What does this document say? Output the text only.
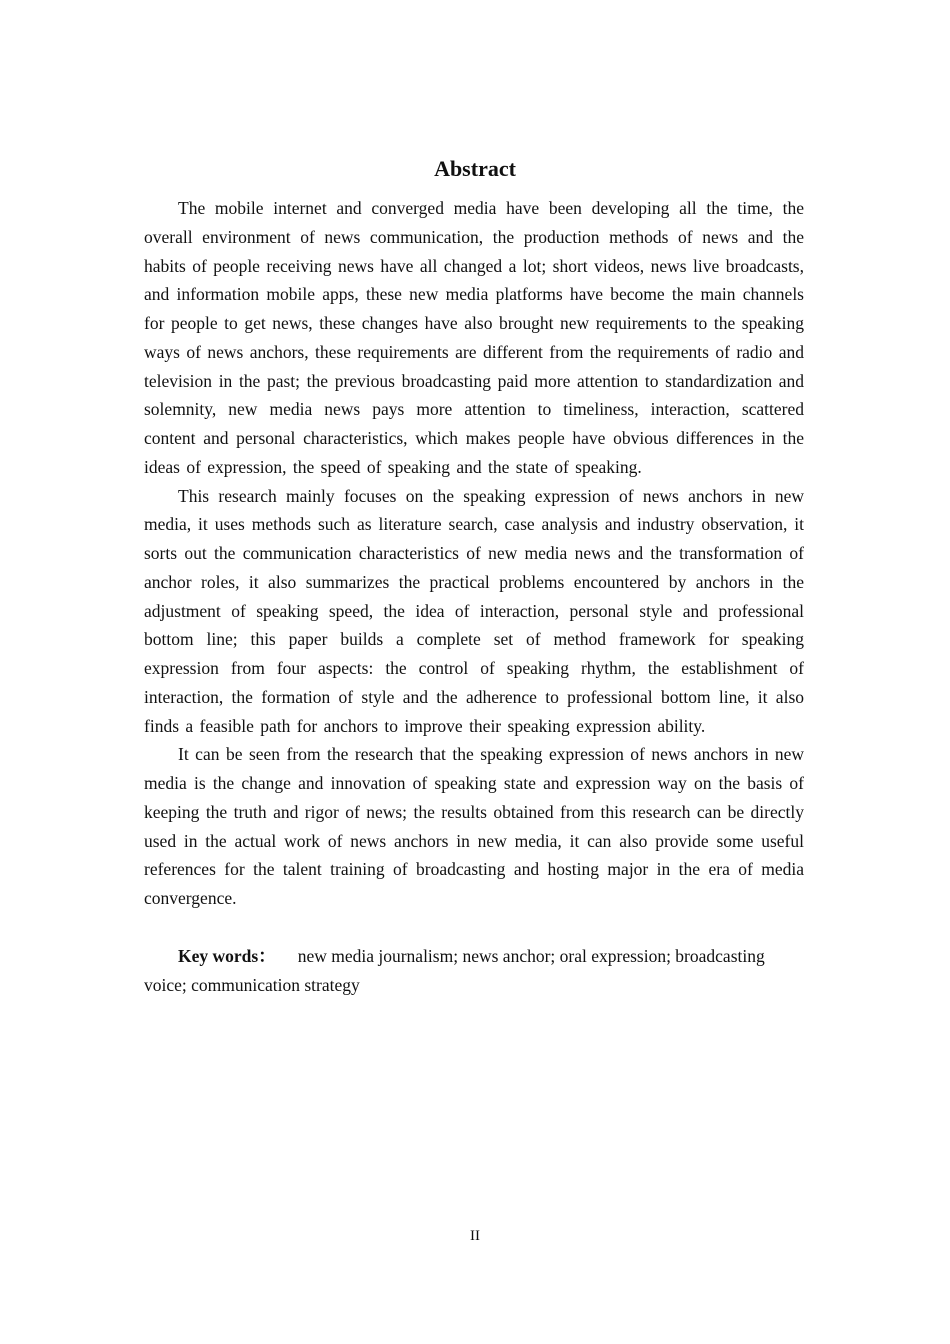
Abstract

The mobile internet and converged media have been developing all the time, the overall environment of news communication, the production methods of news and the habits of people receiving news have all changed a lot; short videos, news live broadcasts, and information mobile apps, these new media platforms have become the main channels for people to get news, these changes have also brought new requirements to the speaking ways of news anchors, these requirements are different from the requirements of radio and television in the past; the previous broadcasting paid more attention to standardization and solemnity, new media news pays more attention to timeliness, interaction, scattered content and personal characteristics, which makes people have obvious differences in the ideas of expression, the speed of speaking and the state of speaking.

This research mainly focuses on the speaking expression of news anchors in new media, it uses methods such as literature search, case analysis and industry observation, it sorts out the communication characteristics of new media news and the transformation of anchor roles, it also summarizes the practical problems encountered by anchors in the adjustment of speaking speed, the idea of interaction, personal style and professional bottom line; this paper builds a complete set of method framework for speaking expression from four aspects: the control of speaking rhythm, the establishment of interaction, the formation of style and the adherence to professional bottom line, it also finds a feasible path for anchors to improve their speaking expression ability.

It can be seen from the research that the speaking expression of news anchors in new media is the change and innovation of speaking state and expression way on the basis of keeping the truth and rigor of news; the results obtained from this research can be directly used in the actual work of news anchors in new media, it can also provide some useful references for the talent training of broadcasting and hosting major in the era of media convergence.

Key words： new media journalism; news anchor; oral expression; broadcasting voice; communication strategy

II
